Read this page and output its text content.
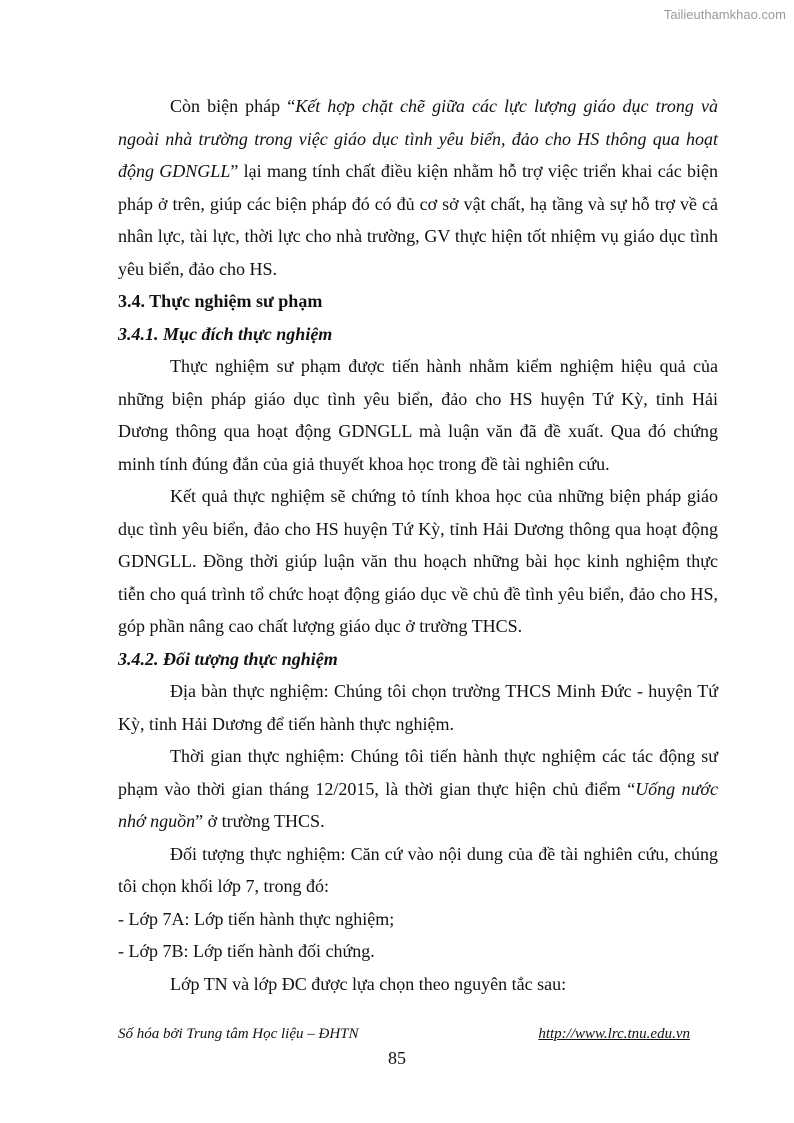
Tailieuthamkhao.com

Còn biện pháp “Kết hợp chặt chẽ giữa các lực lượng giáo dục trong và ngoài nhà trường trong việc giáo dục tình yêu biển, đảo cho HS thông qua hoạt động GDNGLL” lại mang tính chất điều kiện nhằm hỗ trợ việc triển khai các biện pháp ở trên, giúp các biện pháp đó có đủ cơ sở vật chất, hạ tầng và sự hỗ trợ về cả nhân lực, tài lực, thời lực cho nhà trường, GV thực hiện tốt nhiệm vụ giáo dục tình yêu biển, đảo cho HS.

3.4. Thực nghiệm sư phạm

3.4.1. Mục đích thực nghiệm

Thực nghiệm sư phạm được tiến hành nhằm kiểm nghiệm hiệu quả của những biện pháp giáo dục tình yêu biển, đảo cho HS huyện Tứ Kỳ, tỉnh Hải Dương thông qua hoạt động GDNGLL mà luận văn đã đề xuất. Qua đó chứng minh tính đúng đắn của giả thuyết khoa học trong đề tài nghiên cứu.

Kết quả thực nghiệm sẽ chứng tỏ tính khoa học của những biện pháp giáo dục tình yêu biển, đảo cho HS huyện Tứ Kỳ, tỉnh Hải Dương thông qua hoạt động GDNGLL. Đồng thời giúp luận văn thu hoạch những bài học kinh nghiệm thực tiễn cho quá trình tổ chức hoạt động giáo dục về chủ đề tình yêu biển, đảo cho HS, góp phần nâng cao chất lượng giáo dục ở trường THCS.

3.4.2. Đối tượng thực nghiệm

Địa bàn thực nghiệm: Chúng tôi chọn trường THCS Minh Đức - huyện Tứ Kỳ, tỉnh Hải Dương để tiến hành thực nghiệm.

Thời gian thực nghiệm: Chúng tôi tiến hành thực nghiệm các tác động sư phạm vào thời gian tháng 12/2015, là thời gian thực hiện chủ điểm “Uống nước nhớ nguồn” ở trường THCS.

Đối tượng thực nghiệm: Căn cứ vào nội dung của đề tài nghiên cứu, chúng tôi chọn khối lớp 7, trong đó:

- Lớp 7A: Lớp tiến hành thực nghiệm;

- Lớp 7B: Lớp tiến hành đối chứng.

Lớp TN và lớp ĐC được lựa chọn theo nguyên tắc sau:

Số hóa bởi Trung tâm Học liệu – ĐHTN	http://www.lrc.tnu.edu.vn
85
